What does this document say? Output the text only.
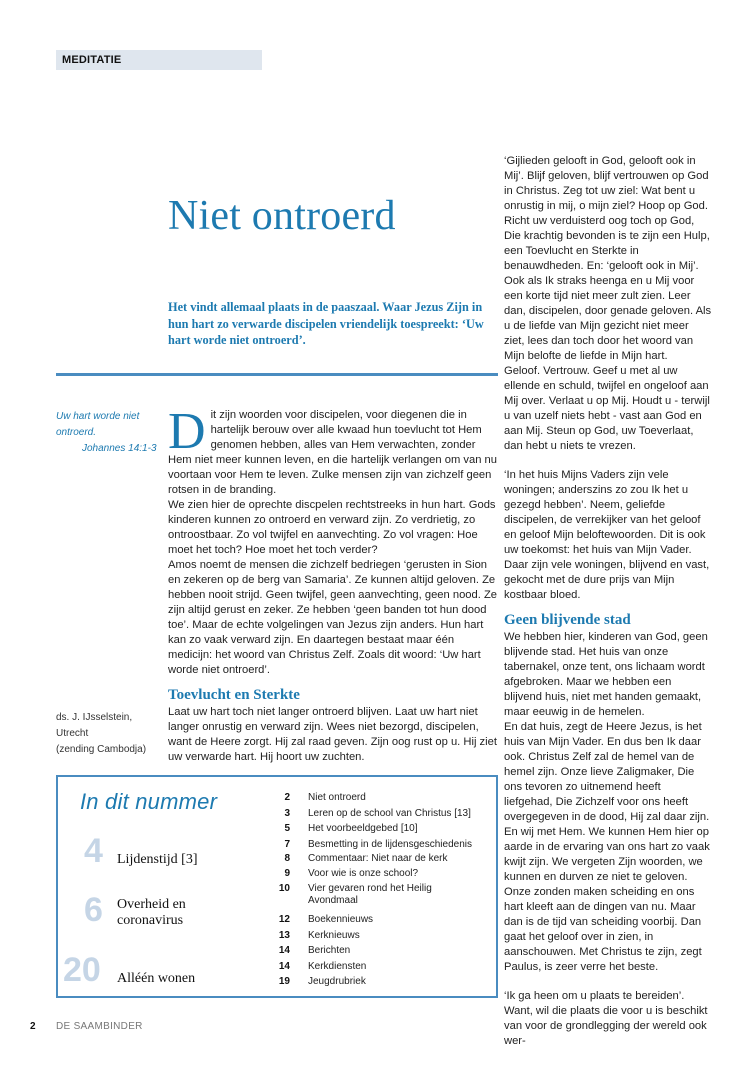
MEDITATIE
Niet ontroerd

Het vindt allemaal plaats in de paaszaal. Waar Jezus Zijn in hun hart zo verwarde discipelen vriendelijk toespreekt: ‘Uw hart worde niet ontroerd’.

Uw hart worde niet ontroerd.
Johannes 14:1-3
ds. J. IJsselstein,
Utrecht
(zending Cambodja)

Dit zijn woorden voor discipelen, voor diegenen die in hartelijk berouw over alle kwaad hun toevlucht tot Hem genomen hebben, alles van Hem verwachten, zonder Hem niet meer kunnen leven, en die hartelijk verlangen om van nu voortaan voor Hem te leven. Zulke mensen zijn van zichzelf geen rotsen in de branding.

We zien hier de oprechte discpelen rechtstreeks in hun hart. Gods kinderen kunnen zo ontroerd en verward zijn. Zo verdrietig, zo ontroostbaar. Zo vol twijfel en aanvechting. Zo vol vragen: Hoe moet het toch? Hoe moet het toch verder?

Amos noemt de mensen die zichzelf bedriegen ‘gerusten in Sion en zekeren op de berg van Samaria’. Ze kunnen altijd geloven. Ze hebben nooit strijd. Geen twijfel, geen aanvechting, geen nood. Ze zijn altijd gerust en zeker. Ze hebben ‘geen banden tot hun dood toe’. Maar de echte volgelingen van Jezus zijn anders. Hun hart kan zo vaak verward zijn. En daartegen bestaat maar één medicijn: het woord van Christus Zelf. Zoals dit woord: ‘Uw hart worde niet ontroerd’.

Toevlucht en Sterkte

Laat uw hart toch niet langer ontroerd blijven. Laat uw hart niet langer onrustig en verward zijn. Wees niet bezorgd, discipelen, want de Heere zorgt. Hij zal raad geven. Zijn oog rust op u. Hij ziet uw verwarde hart. Hij hoort uw zuchten.

‘Gijlieden gelooft in God, gelooft ook in Mij’. Blijf geloven, blijf vertrouwen op God in Christus. Zeg tot uw ziel: Wat bent u onrustig in mij, o mijn ziel? Hoop op God. Richt uw verduisterd oog toch op God, Die krachtig bevonden is te zijn een Hulp, een Toevlucht en Sterkte in benauwdheden. En: ‘gelooft ook in Mij’. Ook als Ik straks heenga en u Mij voor een korte tijd niet meer zult zien. Leer dan, discipelen, door genade geloven. Als u de liefde van Mijn gezicht niet meer ziet, lees dan toch door het woord van Mijn belofte de liefde in Mijn hart.

Geloof. Vertrouw. Geef u met al uw ellende en schuld, twijfel en ongeloof aan Mij over. Verlaat u op Mij. Houdt u - terwijl u van uzelf niets hebt - vast aan God en aan Mij. Steun op God, uw Toeverlaat, dan hebt u niets te vrezen.

‘In het huis Mijns Vaders zijn vele woningen; anderszins zo zou Ik het u gezegd hebben’. Neem, geliefde discipelen, de verrekijker van het geloof en geloof Mijn beloftewoorden. Dit is ook uw toekomst: het huis van Mijn Vader. Daar zijn vele woningen, blijvend en vast, gekocht met de dure prijs van Mijn kostbaar bloed.

Geen blijvende stad

We hebben hier, kinderen van God, geen blijvende stad. Het huis van onze tabernakel, onze tent, ons lichaam wordt afgebroken. Maar we hebben een blijvend huis, niet met handen gemaakt, maar eeuwig in de hemelen.

En dat huis, zegt de Heere Jezus, is het huis van Mijn Vader. En dus ben Ik daar ook. Christus Zelf zal de hemel van de hemel zijn. Onze lieve Zaligmaker, Die ons tevoren zo uitnemend heeft liefgehad, Die Zichzelf voor ons heeft overgegeven in de dood, Hij zal daar zijn. En wij met Hem. We kunnen Hem hier op aarde in de ervaring van ons hart zo vaak kwijt zijn. We vergeten Zijn woorden, we kunnen en durven ze niet te geloven. Onze zonden maken scheiding en ons hart kleeft aan de dingen van nu. Maar dan is de tijd van scheiding voorbij. Dan gaat het geloof over in zien, in aanschouwen. Met Christus te zijn, zegt Paulus, is zeer verre het beste.

‘Ik ga heen om u plaats te bereiden’. Want, wil die plaats die voor u is beschikt van voor de grondlegging der wereld ook wer-

In dit nummer
4 Lijdenstijd [3]
6 Overheid en coronavirus
20 Alléén wonen
2 Niet ontroerd
3 Leren op de school van Christus [13]
5 Het voorbeeldgebed [10]
7 Besmetting in de lijdensgeschiedenis
8 Commentaar: Niet naar de kerk
9 Voor wie is onze school?
10 Vier gevaren rond het Heilig Avondmaal
12 Boekennieuws
13 Kerknieuws
14 Berichten
14 Kerkdiensten
19 Jeugdrubriek
2 DE SAAMBINDER
